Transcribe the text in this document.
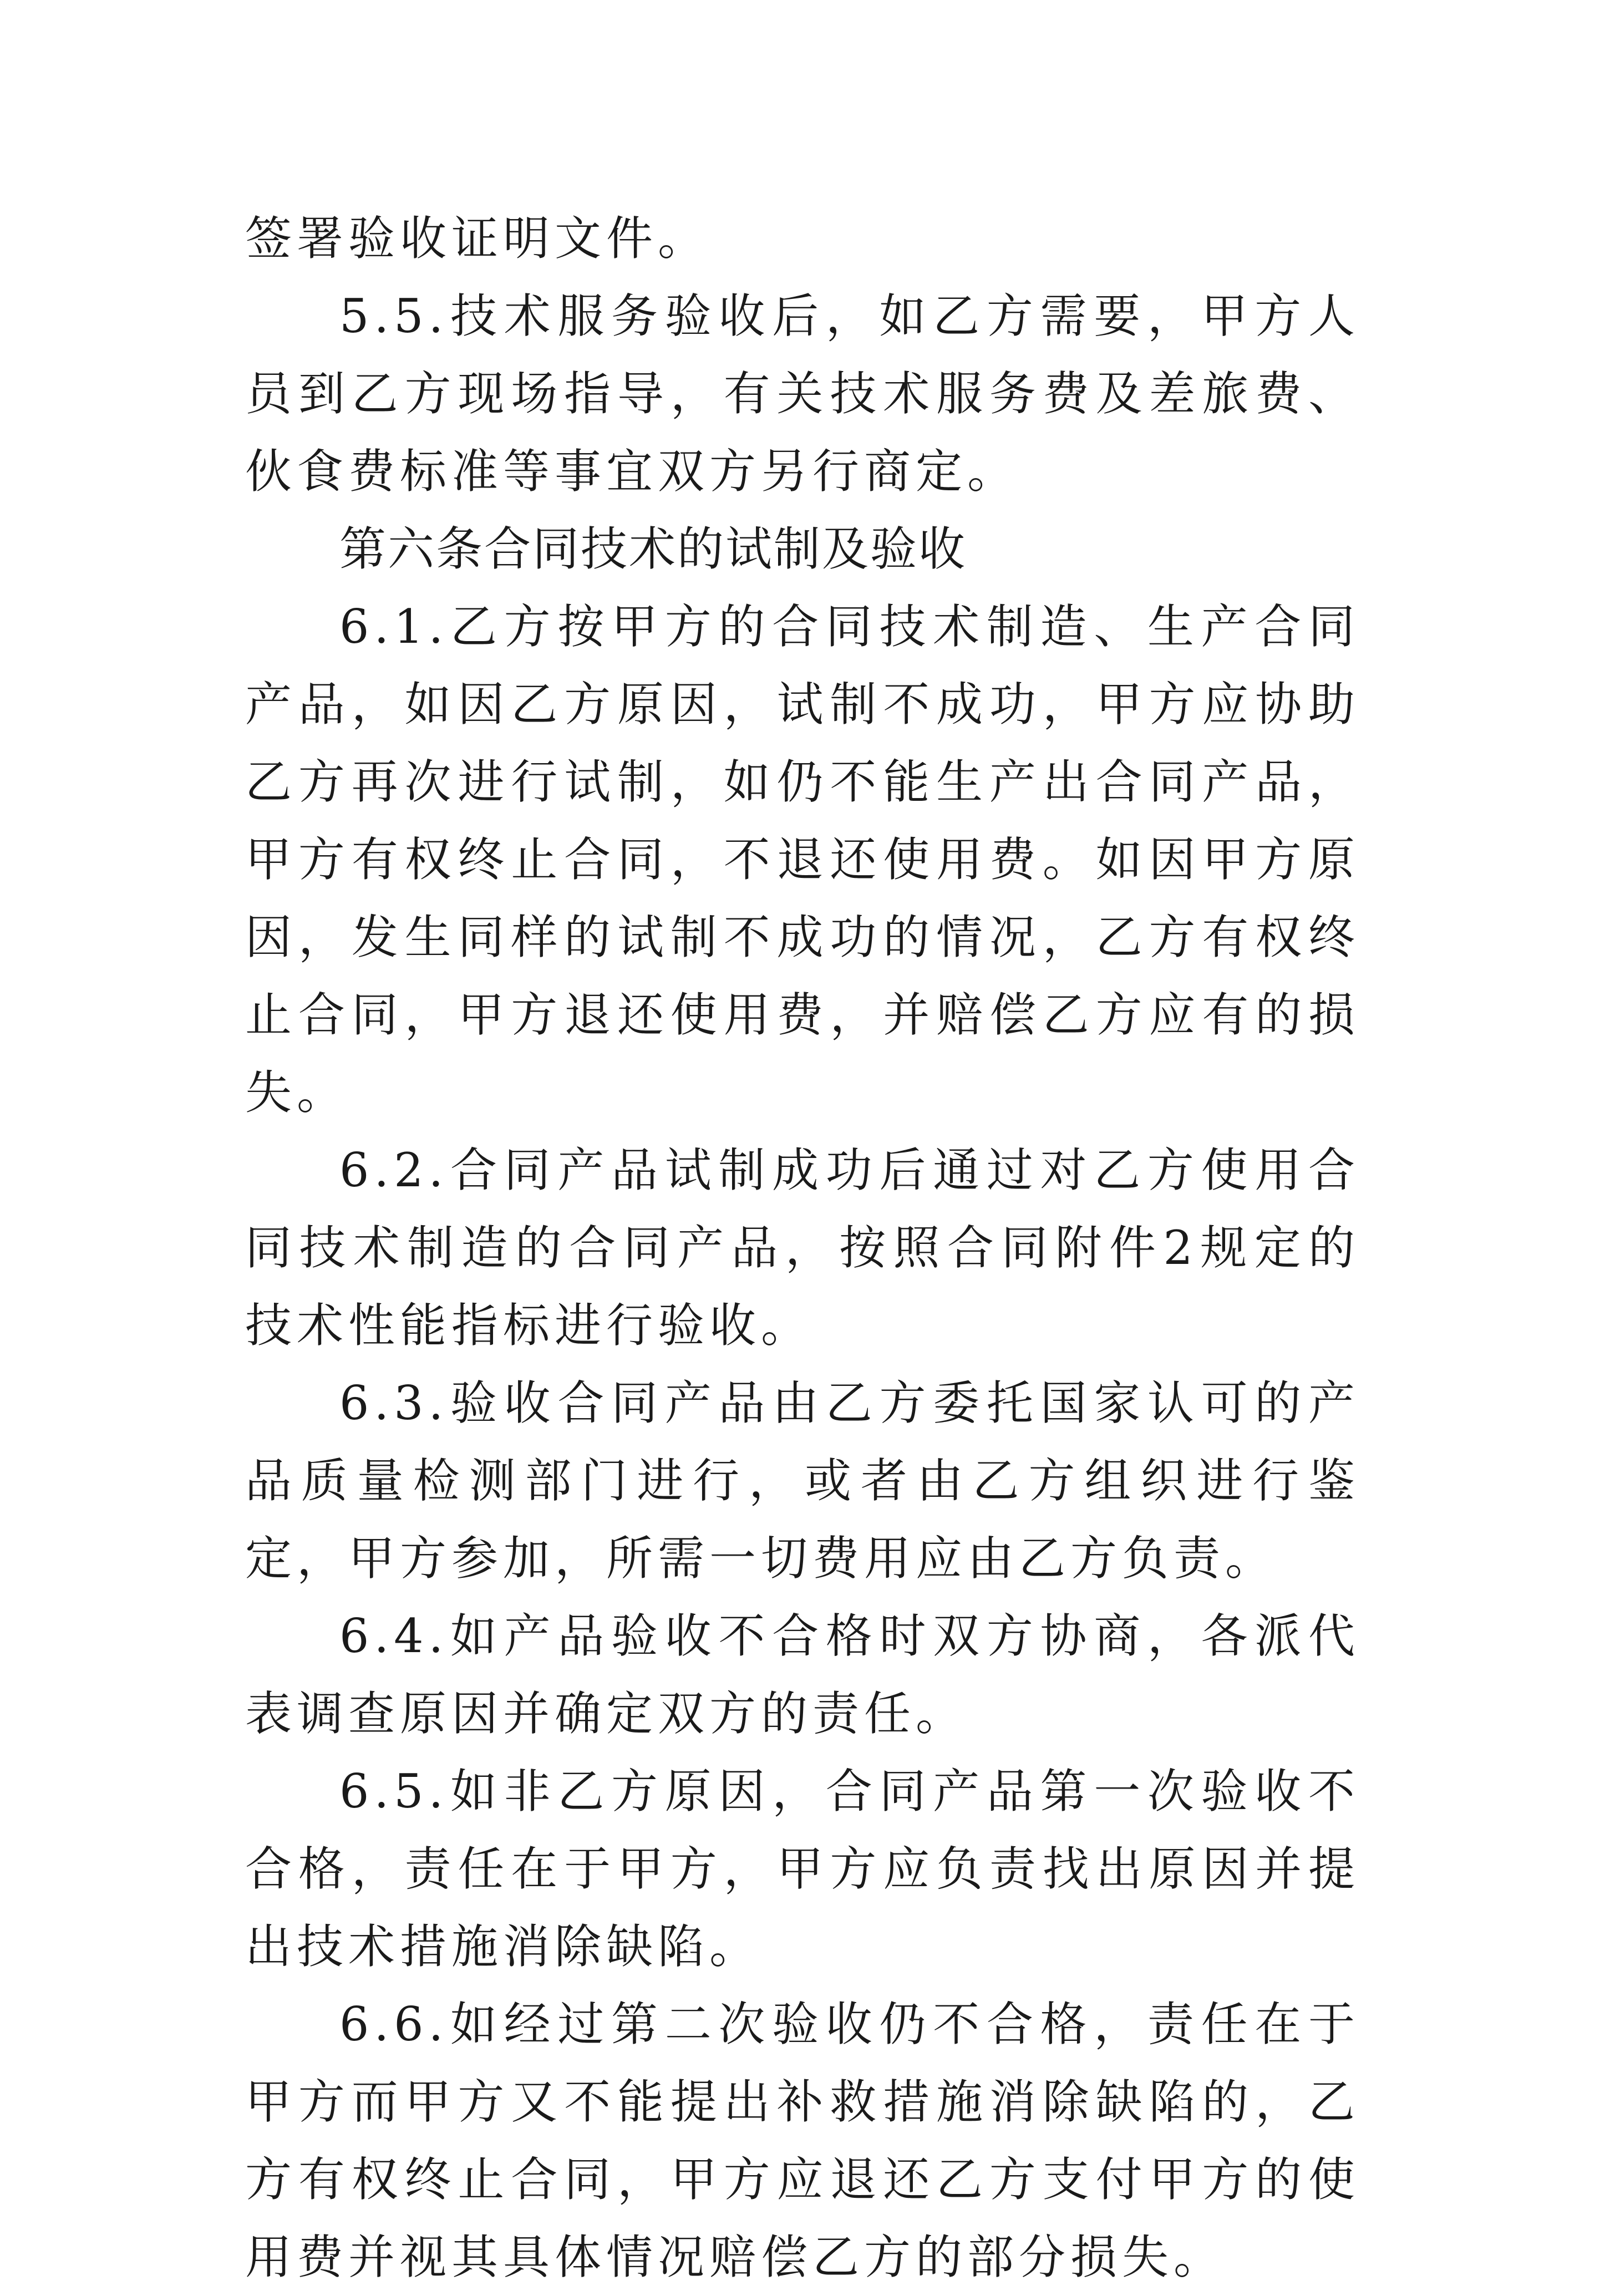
签署验收证明文件。

5.5.技术服务验收后，如乙方需要，甲方人员到乙方现场指导，有关技术服务费及差旅费、伙食费标准等事宜双方另行商定。

第六条合同技术的试制及验收

6.1.乙方按甲方的合同技术制造、生产合同产品，如因乙方原因，试制不成功，甲方应协助乙方再次进行试制，如仍不能生产出合同产品，甲方有权终止合同，不退还使用费。如因甲方原因，发生同样的试制不成功的情况，乙方有权终止合同，甲方退还使用费，并赔偿乙方应有的损失。

6.2.合同产品试制成功后通过对乙方使用合同技术制造的合同产品，按照合同附件2规定的技术性能指标进行验收。

6.3.验收合同产品由乙方委托国家认可的产品质量检测部门进行，或者由乙方组织进行鉴定，甲方参加，所需一切费用应由乙方负责。

6.4.如产品验收不合格时双方协商，各派代表调查原因并确定双方的责任。

6.5.如非乙方原因，合同产品第一次验收不合格，责任在于甲方，甲方应负责找出原因并提出技术措施消除缺陷。

6.6.如经过第二次验收仍不合格，责任在于甲方而甲方又不能提出补救措施消除缺陷的，乙方有权终止合同，甲方应退还乙方支付甲方的使用费并视其具体情况赔偿乙方的部分损失。
